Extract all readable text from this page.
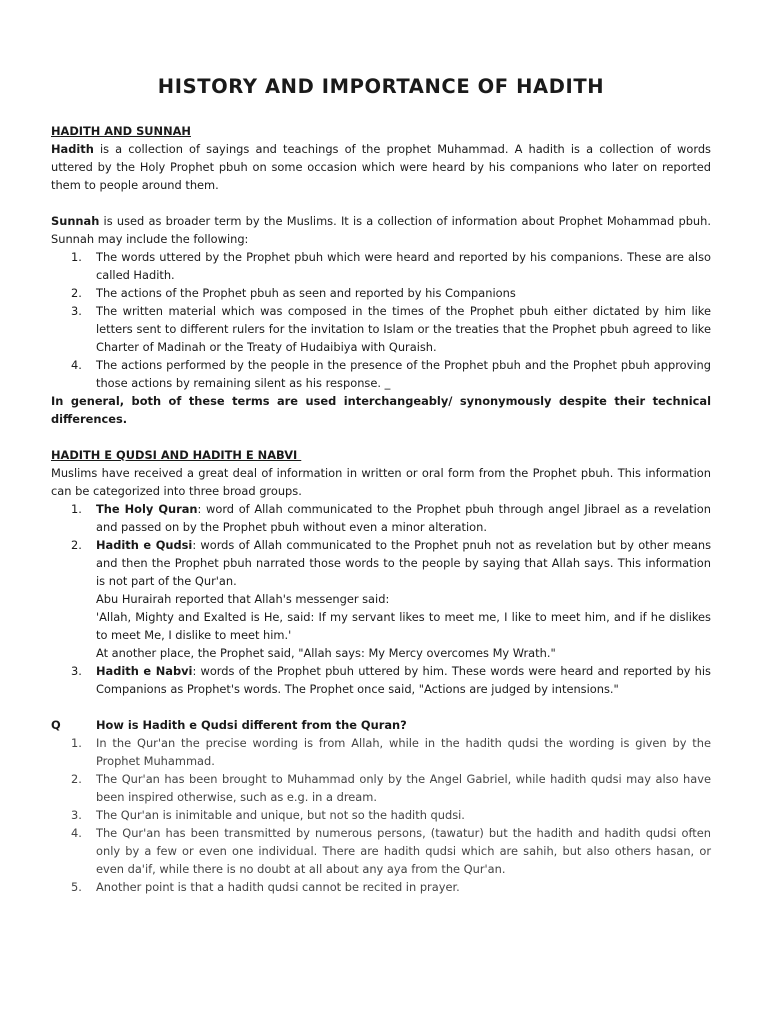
HISTORY AND IMPORTANCE OF HADITH
HADITH AND SUNNAH

Hadith is a collection of sayings and teachings of the prophet Muhammad. A hadith is a collection of words uttered by the Holy Prophet pbuh on some occasion which were heard by his companions who later on reported them to people around them.

Sunnah is used as broader term by the Muslims. It is a collection of information about Prophet Mohammad pbuh. Sunnah may include the following:

1. The words uttered by the Prophet pbuh which were heard and reported by his companions. These are also called Hadith.
2. The actions of the Prophet pbuh as seen and reported by his Companions
3. The written material which was composed in the times of the Prophet pbuh either dictated by him like letters sent to different rulers for the invitation to Islam or the treaties that the Prophet pbuh agreed to like Charter of Madinah or the Treaty of Hudaibiya with Quraish.
4. The actions performed by the people in the presence of the Prophet pbuh and the Prophet pbuh approving those actions by remaining silent as his response. _
In general, both of these terms are used interchangeably/ synonymously despite their technical differences.
HADITH E QUDSI AND HADITH E NABVI

Muslims have received a great deal of information in written or oral form from the Prophet pbuh. This information can be categorized into three broad groups.

1. The Holy Quran: word of Allah communicated to the Prophet pbuh through angel Jibrael as a revelation and passed on by the Prophet pbuh without even a minor alteration.
2. Hadith e Qudsi: words of Allah communicated to the Prophet pnuh not as revelation but by other means and then the Prophet pbuh narrated those words to the people by saying that Allah says. This information is not part of the Qur'an.
Abu Hurairah reported that Allah's messenger said:
'Allah, Mighty and Exalted is He, said: If my servant likes to meet me, I like to meet him, and if he dislikes to meet Me, I dislike to meet him.'
At another place, the Prophet said, "Allah says: My Mercy overcomes My Wrath."
3. Hadith e Nabvi: words of the Prophet pbuh uttered by him. These words were heard and reported by his Companions as Prophet's words. The Prophet once said, "Actions are judged by intensions."
Q	How is Hadith e Qudsi different from the Quran?
1. In the Qur'an the precise wording is from Allah, while in the hadith qudsi the wording is given by the Prophet Muhammad.
2. The Qur'an has been brought to Muhammad only by the Angel Gabriel, while hadith qudsi may also have been inspired otherwise, such as e.g. in a dream.
3. The Qur'an is inimitable and unique, but not so the hadith qudsi.
4. The Qur'an has been transmitted by numerous persons, (tawatur) but the hadith and hadith qudsi often only by a few or even one individual. There are hadith qudsi which are sahih, but also others hasan, or even da'if, while there is no doubt at all about any aya from the Qur'an.
5. Another point is that a hadith qudsi cannot be recited in prayer.
